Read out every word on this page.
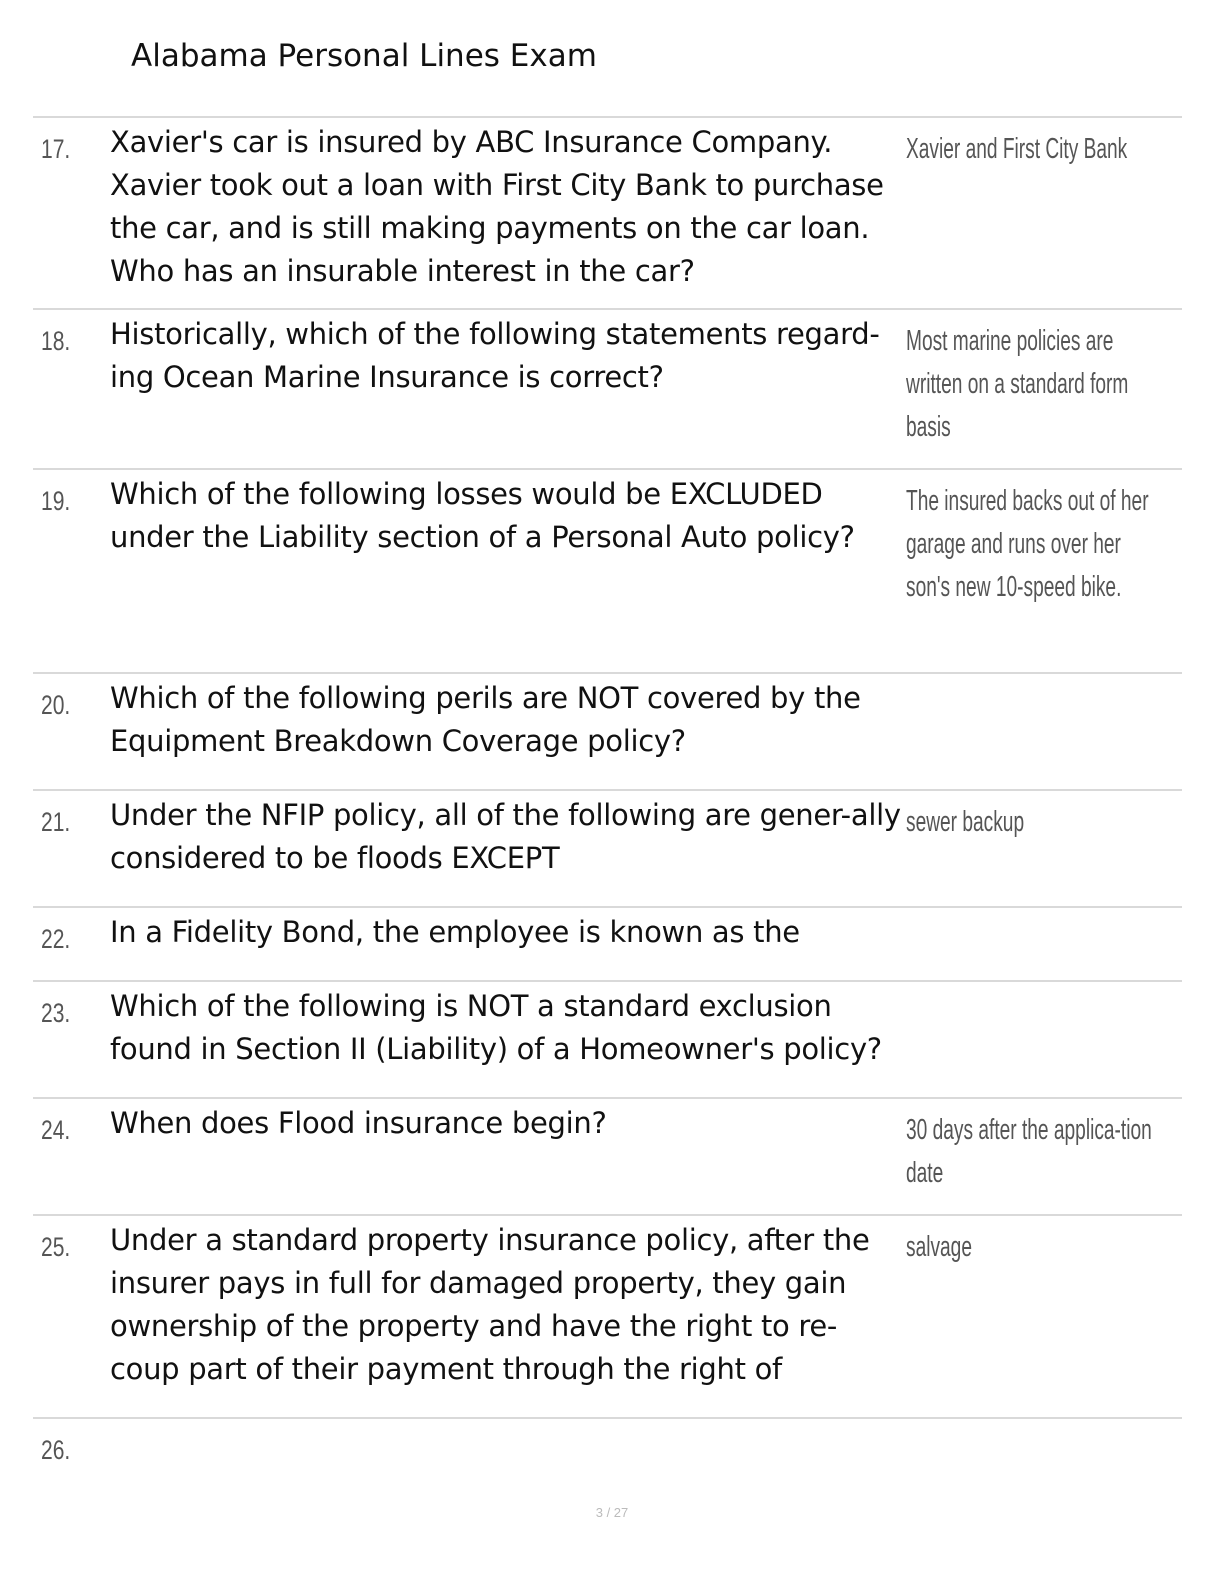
Alabama Personal Lines Exam
17. Xavier's car is insured by ABC Insurance Company. Xavier took out a loan with First City Bank to purchase the car, and is still making payments on the car loan. Who has an insurable interest in the car?
Xavier and First City Bank
18. Historically, which of the following statements regard-ing Ocean Marine Insurance is correct?
Most marine policies are written on a standard form basis
19. Which of the following losses would be EXCLUDED under the Liability section of a Personal Auto policy?
The insured backs out of her garage and runs over her son's new 10-speed bike.
20. Which of the following perils are NOT covered by the Equipment Breakdown Coverage policy?
21. Under the NFIP policy, all of the following are gener-ally considered to be floods EXCEPT
sewer backup
22. In a Fidelity Bond, the employee is known as the
23. Which of the following is NOT a standard exclusion found in Section II (Liability) of a Homeowner's policy?
24. When does Flood insurance begin?	30 days after the applica-tion date
25. Under a standard property insurance policy, after the insurer pays in full for damaged property, they gain ownership of the property and have the right to re-coup part of their payment through the right of
salvage
26.
3 / 27
